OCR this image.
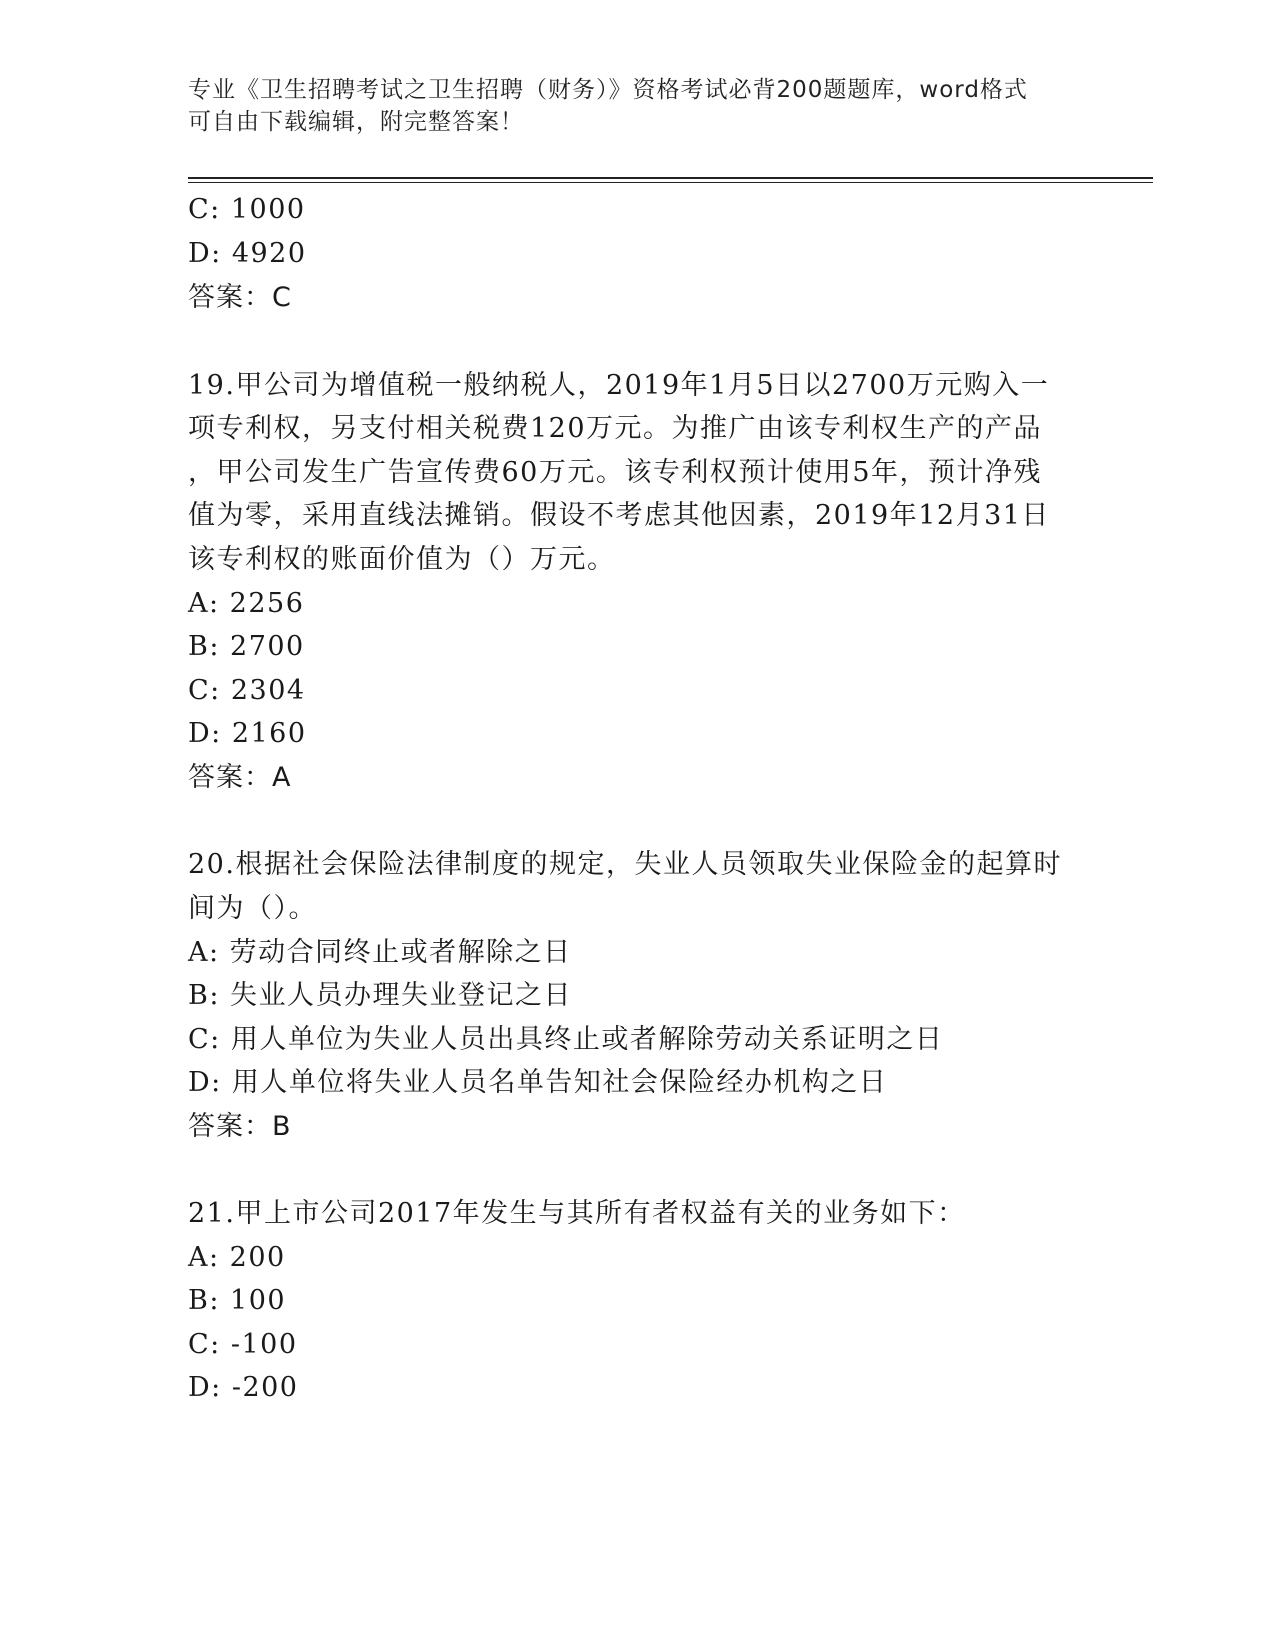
专业《卫生招聘考试之卫生招聘（财务）》资格考试必背200题题库，word格式
可自由下载编辑，附完整答案！
C: 1000
D: 4920
答案：C
19.甲公司为增值税一般纳税人，2019年1月5日以2700万元购入一
项专利权，另支付相关税费120万元。为推广由该专利权生产的产品
，甲公司发生广告宣传费60万元。该专利权预计使用5年，预计净残
值为零，采用直线法摊销。假设不考虑其他因素，2019年12月31日
该专利权的账面价值为（）万元。
A: 2256
B: 2700
C: 2304
D: 2160
答案：A
20.根据社会保险法律制度的规定，失业人员领取失业保险金的起算时
间为（）。
A: 劳动合同终止或者解除之日
B: 失业人员办理失业登记之日
C: 用人单位为失业人员出具终止或者解除劳动关系证明之日
D: 用人单位将失业人员名单告知社会保险经办机构之日
答案：B
21.甲上市公司2017年发生与其所有者权益有关的业务如下：
A: 200
B: 100
C: -100
D: -200
